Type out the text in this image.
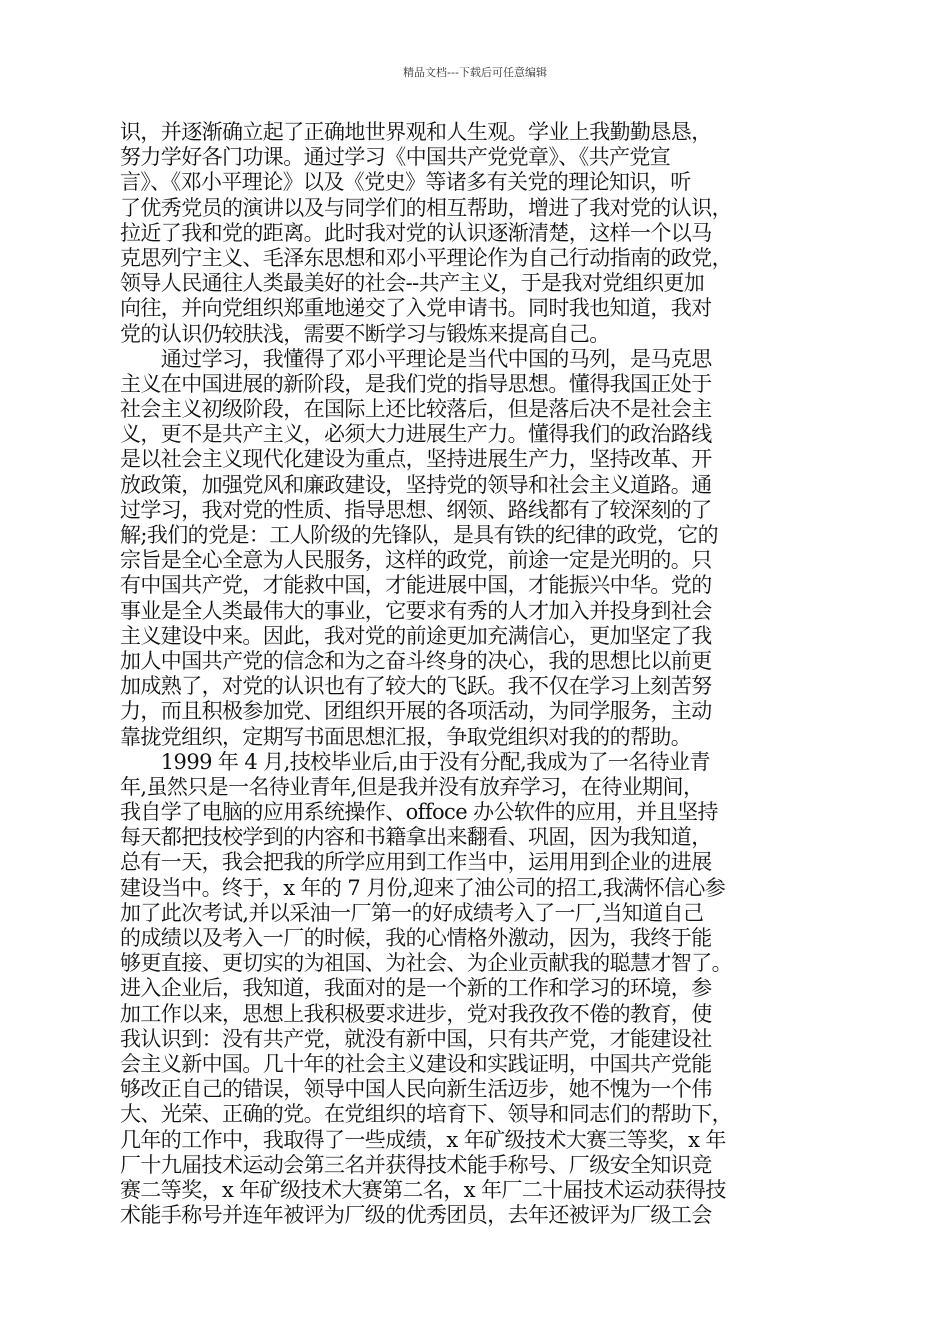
精品文档---下载后可任意编辑
识，并逐渐确立起了正确地世界观和人生观。学业上我勤勤恳恳，
努力学好各门功课。通过学习《中国共产党党章》、《共产党宣
言》、《邓小平理论》以及《党史》等诸多有关党的理论知识，听
了优秀党员的演讲以及与同学们的相互帮助，增进了我对党的认识，
拉近了我和党的距离。此时我对党的认识逐渐清楚，这样一个以马
克思列宁主义、毛泽东思想和邓小平理论作为自己行动指南的政党，
领导人民通往人类最美好的社会--共产主义，于是我对党组织更加
向往，并向党组织郑重地递交了入党申请书。同时我也知道，我对
党的认识仍较肤浅，需要不断学习与锻炼来提高自己。
　　通过学习，我懂得了邓小平理论是当代中国的马列，是马克思
主义在中国进展的新阶段，是我们党的指导思想。懂得我国正处于
社会主义初级阶段，在国际上还比较落后，但是落后决不是社会主
义，更不是共产主义，必须大力进展生产力。懂得我们的政治路线
是以社会主义现代化建设为重点，坚持进展生产力，坚持改革、开
放政策，加强党风和廉政建设，坚持党的领导和社会主义道路。通
过学习，我对党的性质、指导思想、纲领、路线都有了较深刻的了
解;我们的党是：工人阶级的先锋队，是具有铁的纪律的政党，它的
宗旨是全心全意为人民服务，这样的政党，前途一定是光明的。只
有中国共产党，才能救中国，才能进展中国，才能振兴中华。党的
事业是全人类最伟大的事业，它要求有秀的人才加入并投身到社会
主义建设中来。因此，我对党的前途更加充满信心，更加坚定了我
加人中国共产党的信念和为之奋斗终身的决心，我的思想比以前更
加成熟了，对党的认识也有了较大的飞跃。我不仅在学习上刻苦努
力，而且积极参加党、团组织开展的各项活动，为同学服务，主动
靠拢党组织，定期写书面思想汇报，争取党组织对我的的帮助。
　　1999 年 4 月,技校毕业后,由于没有分配,我成为了一名待业青
年,虽然只是一名待业青年,但是我并没有放弃学习，在待业期间，
我自学了电脑的应用系统操作、offoce 办公软件的应用，并且坚持
每天都把技校学到的内容和书籍拿出来翻看、巩固，因为我知道，
总有一天，我会把我的所学应用到工作当中，运用用到企业的进展
建设当中。终于，x 年的 7 月份,迎来了油公司的招工,我满怀信心参
加了此次考试,并以采油一厂第一的好成绩考入了一厂,当知道自己
的成绩以及考入一厂的时候，我的心情格外激动，因为，我终于能
够更直接、更切实的为祖国、为社会、为企业贡献我的聪慧才智了。
进入企业后，我知道，我面对的是一个新的工作和学习的环境，参
加工作以来，思想上我积极要求进步，党对我孜孜不倦的教育，使
我认识到：没有共产党，就没有新中国，只有共产党，才能建设社
会主义新中国。几十年的社会主义建设和实践证明，中国共产党能
够改正自己的错误，领导中国人民向新生活迈步，她不愧为一个伟
大、光荣、正确的党。在党组织的培育下、领导和同志们的帮助下，
几年的工作中，我取得了一些成绩，x 年矿级技术大赛三等奖，x 年
厂十九届技术运动会第三名并获得技术能手称号、厂级安全知识竞
赛二等奖，x 年矿级技术大赛第二名，x 年厂二十届技术运动获得技
术能手称号并连年被评为厂级的优秀团员，去年还被评为厂级工会
